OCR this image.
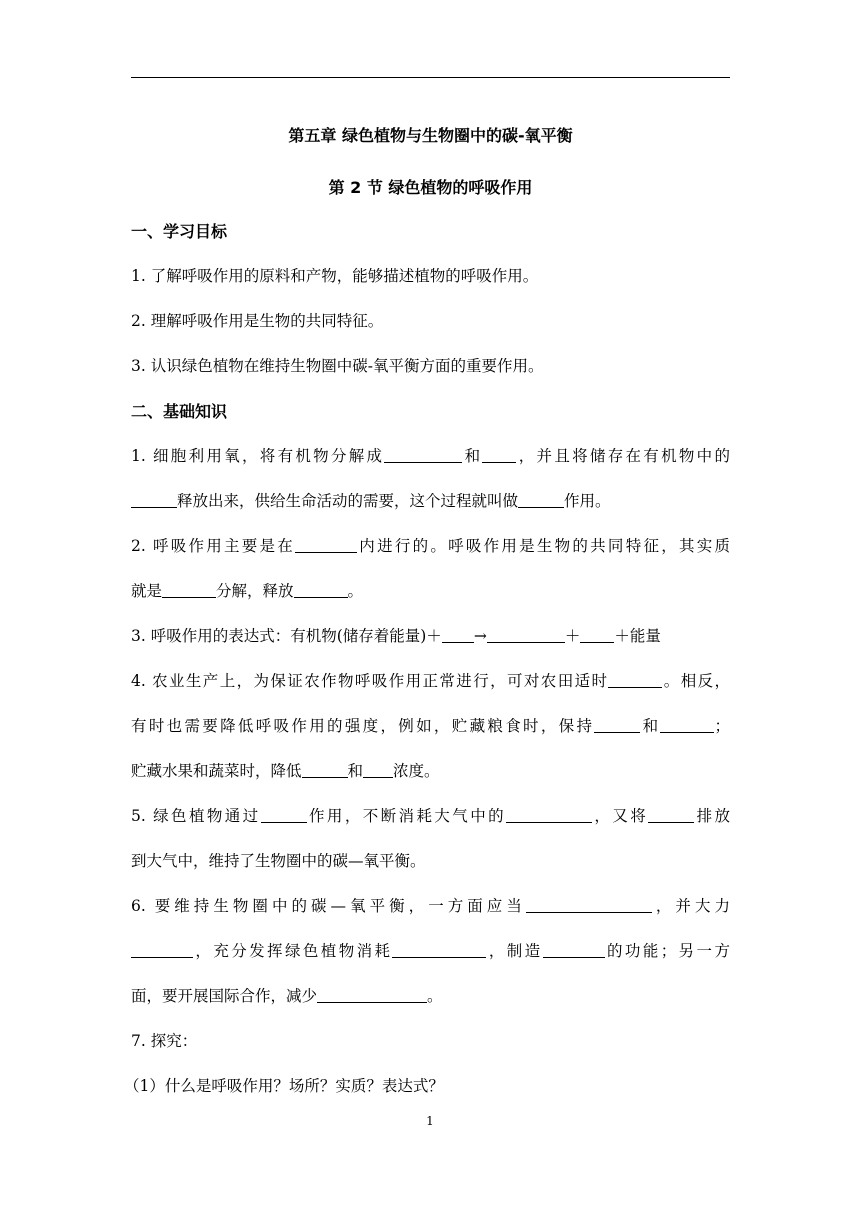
第五章 绿色植物与生物圈中的碳-氧平衡
第 2 节 绿色植物的呼吸作用
一、学习目标
1. 了解呼吸作用的原料和产物，能够描述植物的呼吸作用。
2. 理解呼吸作用是生物的共同特征。
3. 认识绿色植物在维持生物圈中碳-氧平衡方面的重要作用。
二、基础知识
1. 细胞利用氧，将有机物分解成	和 ，并且将储存在有机物中的
释放出来，供给生命活动的需要，这个过程就叫做	作用。
2. 呼吸作用主要是在	内进行的。呼吸作用是生物的共同特征，其实质
就是	分解，释放	。
3. 呼吸作用的表达式：有机物(储存着能量)＋ →	＋ ＋能量
4. 农业生产上，为保证农作物呼吸作用正常进行，可对农田适时	。相反，
有时也需要降低呼吸作用的强度，例如，贮藏粮食时，保持	和	；
贮藏水果和蔬菜时，降低	和 浓度。
5. 绿色植物通过	作用，不断消耗大气中的	，又将	排放
到大气中，维持了生物圈中的碳—氧平衡。
6. 要维持生物圈中的碳—氧平衡，一方面应当	，并大力
，充分发挥绿色植物消耗	，制造	的功能；另一方
面，要开展国际合作，减少	。
7. 探究：
（1）什么是呼吸作用？场所？实质？表达式？
1
